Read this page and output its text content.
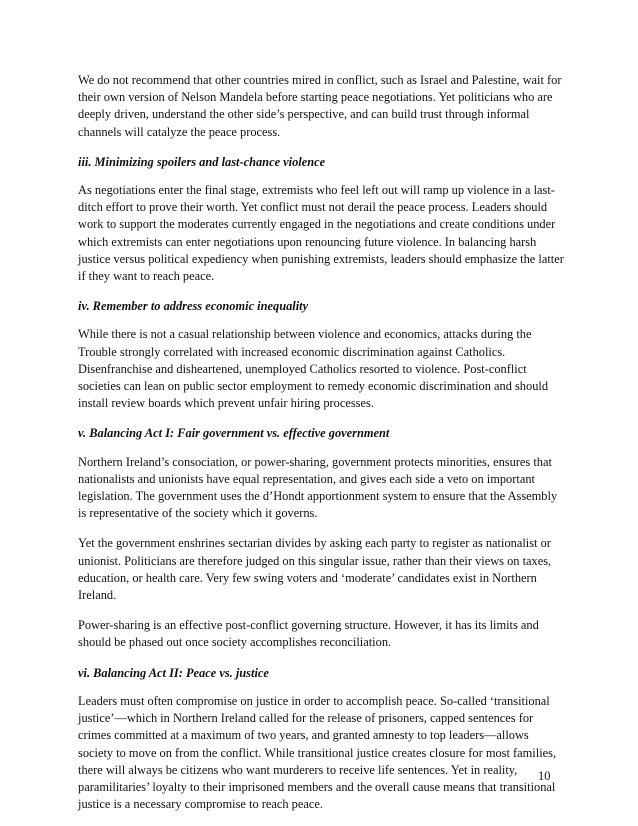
We do not recommend that other countries mired in conflict, such as Israel and Palestine, wait for their own version of Nelson Mandela before starting peace negotiations. Yet politicians who are deeply driven, understand the other side’s perspective, and can build trust through informal channels will catalyze the peace process.

iii. Minimizing spoilers and last-chance violence

As negotiations enter the final stage, extremists who feel left out will ramp up violence in a last-ditch effort to prove their worth. Yet conflict must not derail the peace process. Leaders should work to support the moderates currently engaged in the negotiations and create conditions under which extremists can enter negotiations upon renouncing future violence. In balancing harsh justice versus political expediency when punishing extremists, leaders should emphasize the latter if they want to reach peace.

iv. Remember to address economic inequality

While there is not a casual relationship between violence and economics, attacks during the Trouble strongly correlated with increased economic discrimination against Catholics. Disenfranchise and disheartened, unemployed Catholics resorted to violence. Post-conflict societies can lean on public sector employment to remedy economic discrimination and should install review boards which prevent unfair hiring processes.

v. Balancing Act I: Fair government vs. effective government

Northern Ireland’s consociation, or power-sharing, government protects minorities, ensures that nationalists and unionists have equal representation, and gives each side a veto on important legislation. The government uses the d’Hondt apportionment system to ensure that the Assembly is representative of the society which it governs.

Yet the government enshrines sectarian divides by asking each party to register as nationalist or unionist. Politicians are therefore judged on this singular issue, rather than their views on taxes, education, or health care. Very few swing voters and ‘moderate’ candidates exist in Northern Ireland.

Power-sharing is an effective post-conflict governing structure. However, it has its limits and should be phased out once society accomplishes reconciliation.

vi. Balancing Act II: Peace vs. justice

Leaders must often compromise on justice in order to accomplish peace. So-called ‘transitional justice’—which in Northern Ireland called for the release of prisoners, capped sentences for crimes committed at a maximum of two years, and granted amnesty to top leaders—allows society to move on from the conflict. While transitional justice creates closure for most families, there will always be citizens who want murderers to receive life sentences. Yet in reality, paramilitaries’ loyalty to their imprisoned members and the overall cause means that transitional justice is a necessary compromise to reach peace.

10
